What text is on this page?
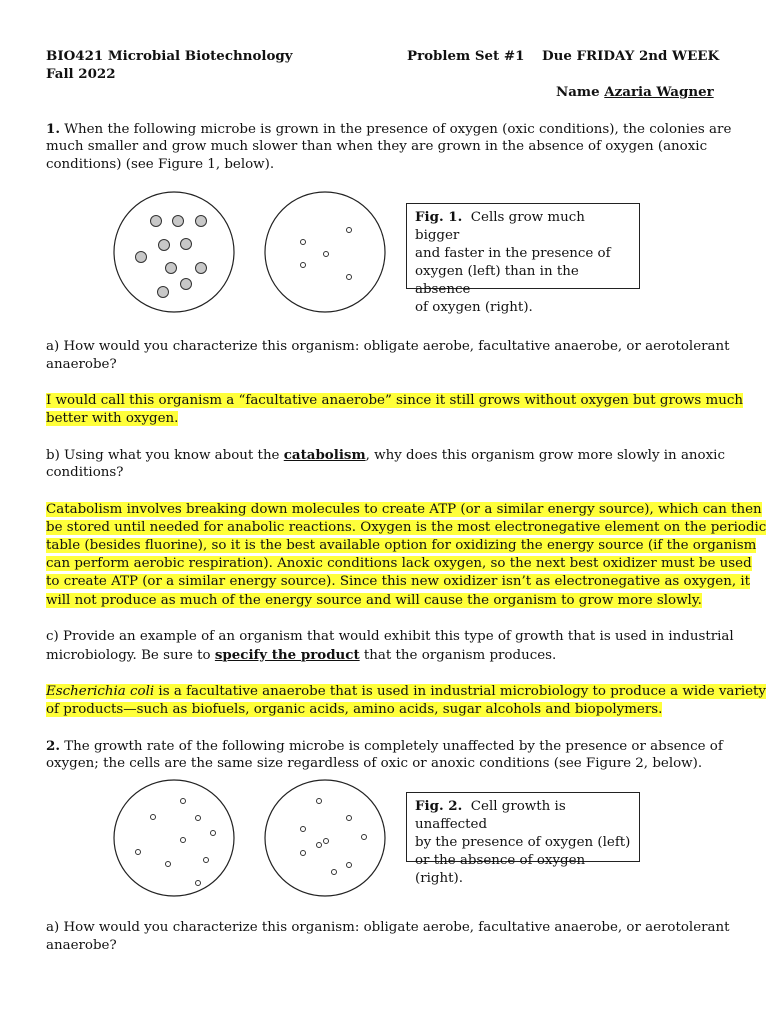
BIO421 Microbial Biotechnology
Fall 2022
Problem Set #1 Due FRIDAY 2nd WEEK
Name Azaria Wagner
1. When the following microbe is grown in the presence of oxygen (oxic conditions), the colonies are
much smaller and grow much slower than when they are grown in the absence of oxygen (anoxic
conditions) (see Figure 1, below).
Fig. 1. Cells grow much bigger
and faster in the presence of
oxygen (left) than in the absence
of oxygen (right).
a) How would you characterize this organism: obligate aerobe, facultative anaerobe, or aerotolerant
anaerobe?
I would call this organism a “facultative anaerobe” since it still grows without oxygen but grows much
better with oxygen.
b) Using what you know about the catabolism, why does this organism grow more slowly in anoxic
conditions?
Catabolism involves breaking down molecules to create ATP (or a similar energy source), which can then
be stored until needed for anabolic reactions. Oxygen is the most electronegative element on the periodic
table (besides fluorine), so it is the best available option for oxidizing the energy source (if the organism
can perform aerobic respiration). Anoxic conditions lack oxygen, so the next best oxidizer must be used
to create ATP (or a similar energy source). Since this new oxidizer isn’t as electronegative as oxygen, it
will not produce as much of the energy source and will cause the organism to grow more slowly.
c) Provide an example of an organism that would exhibit this type of growth that is used in industrial
microbiology. Be sure to specify the product that the organism produces.
Escherichia coli is a facultative anaerobe that is used in industrial microbiology to produce a wide variety
of products—such as biofuels, organic acids, amino acids, sugar alcohols and biopolymers.
2. The growth rate of the following microbe is completely unaffected by the presence or absence of
oxygen; the cells are the same size regardless of oxic or anoxic conditions (see Figure 2, below).
Fig. 2. Cell growth is unaffected
by the presence of oxygen (left)
or the absence of oxygen (right).
a) How would you characterize this organism: obligate aerobe, facultative anaerobe, or aerotolerant
anaerobe?
